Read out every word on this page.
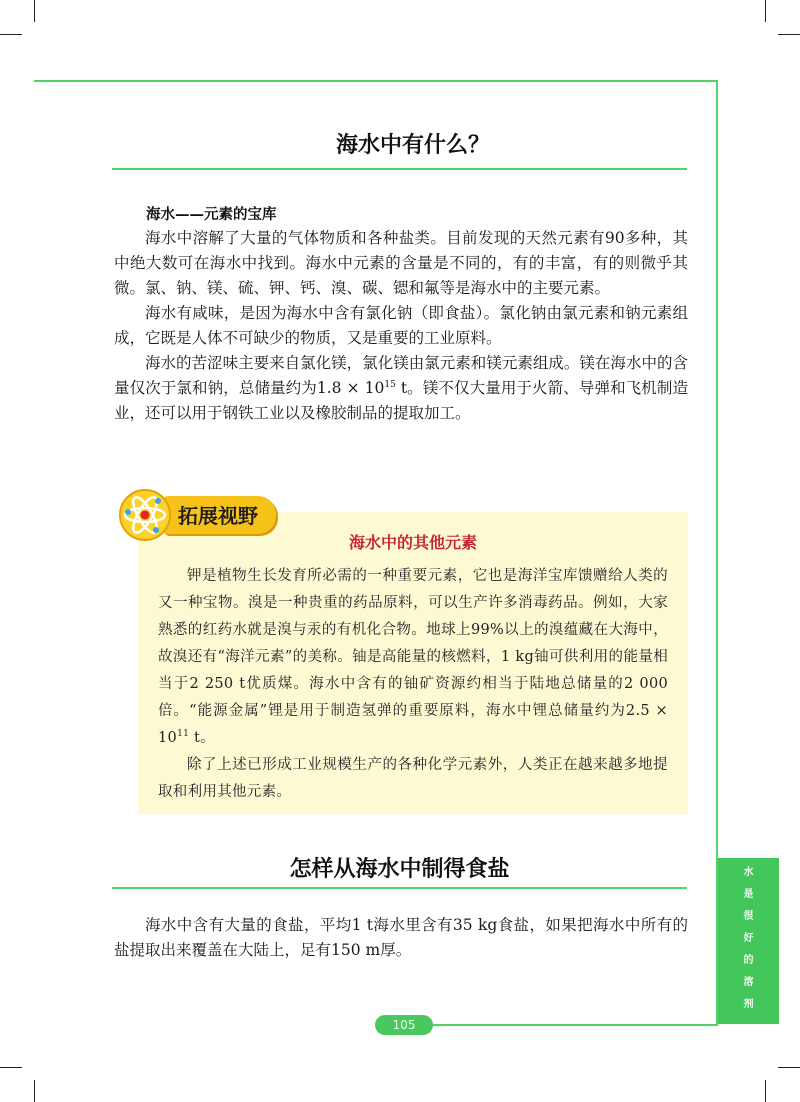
海水中有什么？
海水——元素的宝库

海水中溶解了大量的气体物质和各种盐类。目前发现的天然元素有90多种，其中绝大数可在海水中找到。海水中元素的含量是不同的，有的丰富，有的则微乎其微。氯、钠、镁、硫、钾、钙、溴、碳、锶和氟等是海水中的主要元素。

海水有咸味，是因为海水中含有氯化钠（即食盐）。氯化钠由氯元素和钠元素组成，它既是人体不可缺少的物质，又是重要的工业原料。

海水的苦涩味主要来自氯化镁，氯化镁由氯元素和镁元素组成。镁在海水中的含量仅次于氯和钠，总储量约为$1.8 \times 10^{15}$ t。镁不仅大量用于火箭、导弹和飞机制造业，还可以用于钢铁工业以及橡胶制品的提取加工。

海水中的其他元素

钾是植物生长发育所必需的一种重要元素，它也是海洋宝库馈赠给人类的又一种宝物。溴是一种贵重的药品原料，可以生产许多消毒药品。例如，大家熟悉的红药水就是溴与汞的有机化合物。地球上99%以上的溴蕴藏在大海中，故溴还有“海洋元素”的美称。铀是高能量的核燃料，1 kg铀可供利用的能量相当于2 250 t优质煤。海水中含有的铀矿资源约相当于陆地总储量的2 000倍。“能源金属”锂是用于制造氢弹的重要原料，海水中锂总储量约为$2.5 \times 10^{11}$ t。

除了上述已形成工业规模生产的各种化学元素外，人类正在越来越多地提取和利用其他元素。

拓展视野
怎样从海水中制得食盐

海水中含有大量的食盐，平均1 t海水里含有35 kg食盐，如果把海水中所有的盐提取出来覆盖在大陆上，足有150 m厚。

水
是
很
好
的
溶
剂
105
